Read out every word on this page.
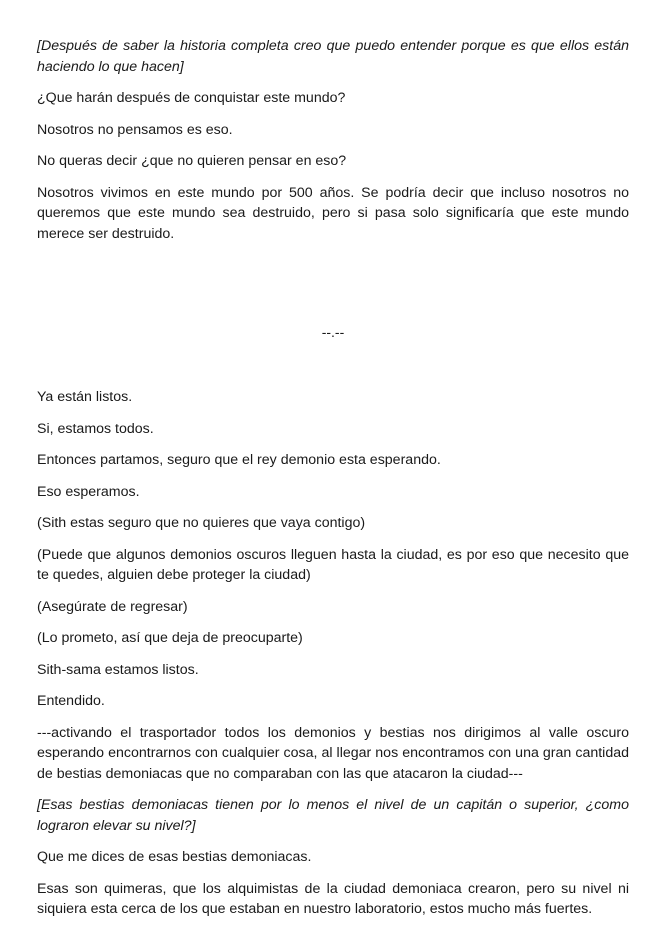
[Después de saber la historia completa creo que puedo entender porque es que ellos están haciendo lo que hacen]

¿Que harán después de conquistar este mundo?

Nosotros no pensamos es eso.

No queras decir ¿que no quieren pensar en eso?

Nosotros vivimos en este mundo por 500 años. Se podría decir que incluso nosotros no queremos que este mundo sea destruido, pero si pasa solo significaría que este mundo merece ser destruido.

--.--

Ya están listos.

Si, estamos todos.

Entonces partamos, seguro que el rey demonio esta esperando.

Eso esperamos.

(Sith estas seguro que no quieres que vaya contigo)

(Puede que algunos demonios oscuros lleguen hasta la ciudad, es por eso que necesito que te quedes, alguien debe proteger la ciudad)

(Asegúrate de regresar)

(Lo prometo, así que deja de preocuparte)

Sith-sama estamos listos.

Entendido.

---activando el trasportador todos los demonios y bestias nos dirigimos al valle oscuro esperando encontrarnos con cualquier cosa, al llegar nos encontramos con una gran cantidad de bestias demoniacas que no comparaban con las que atacaron la ciudad---

[Esas bestias demoniacas tienen por lo menos el nivel de un capitán o superior, ¿como lograron elevar su nivel?]

Que me dices de esas bestias demoniacas.

Esas son quimeras, que los alquimistas de la ciudad demoniaca crearon, pero su nivel ni siquiera esta cerca de los que estaban en nuestro laboratorio, estos mucho más fuertes.
